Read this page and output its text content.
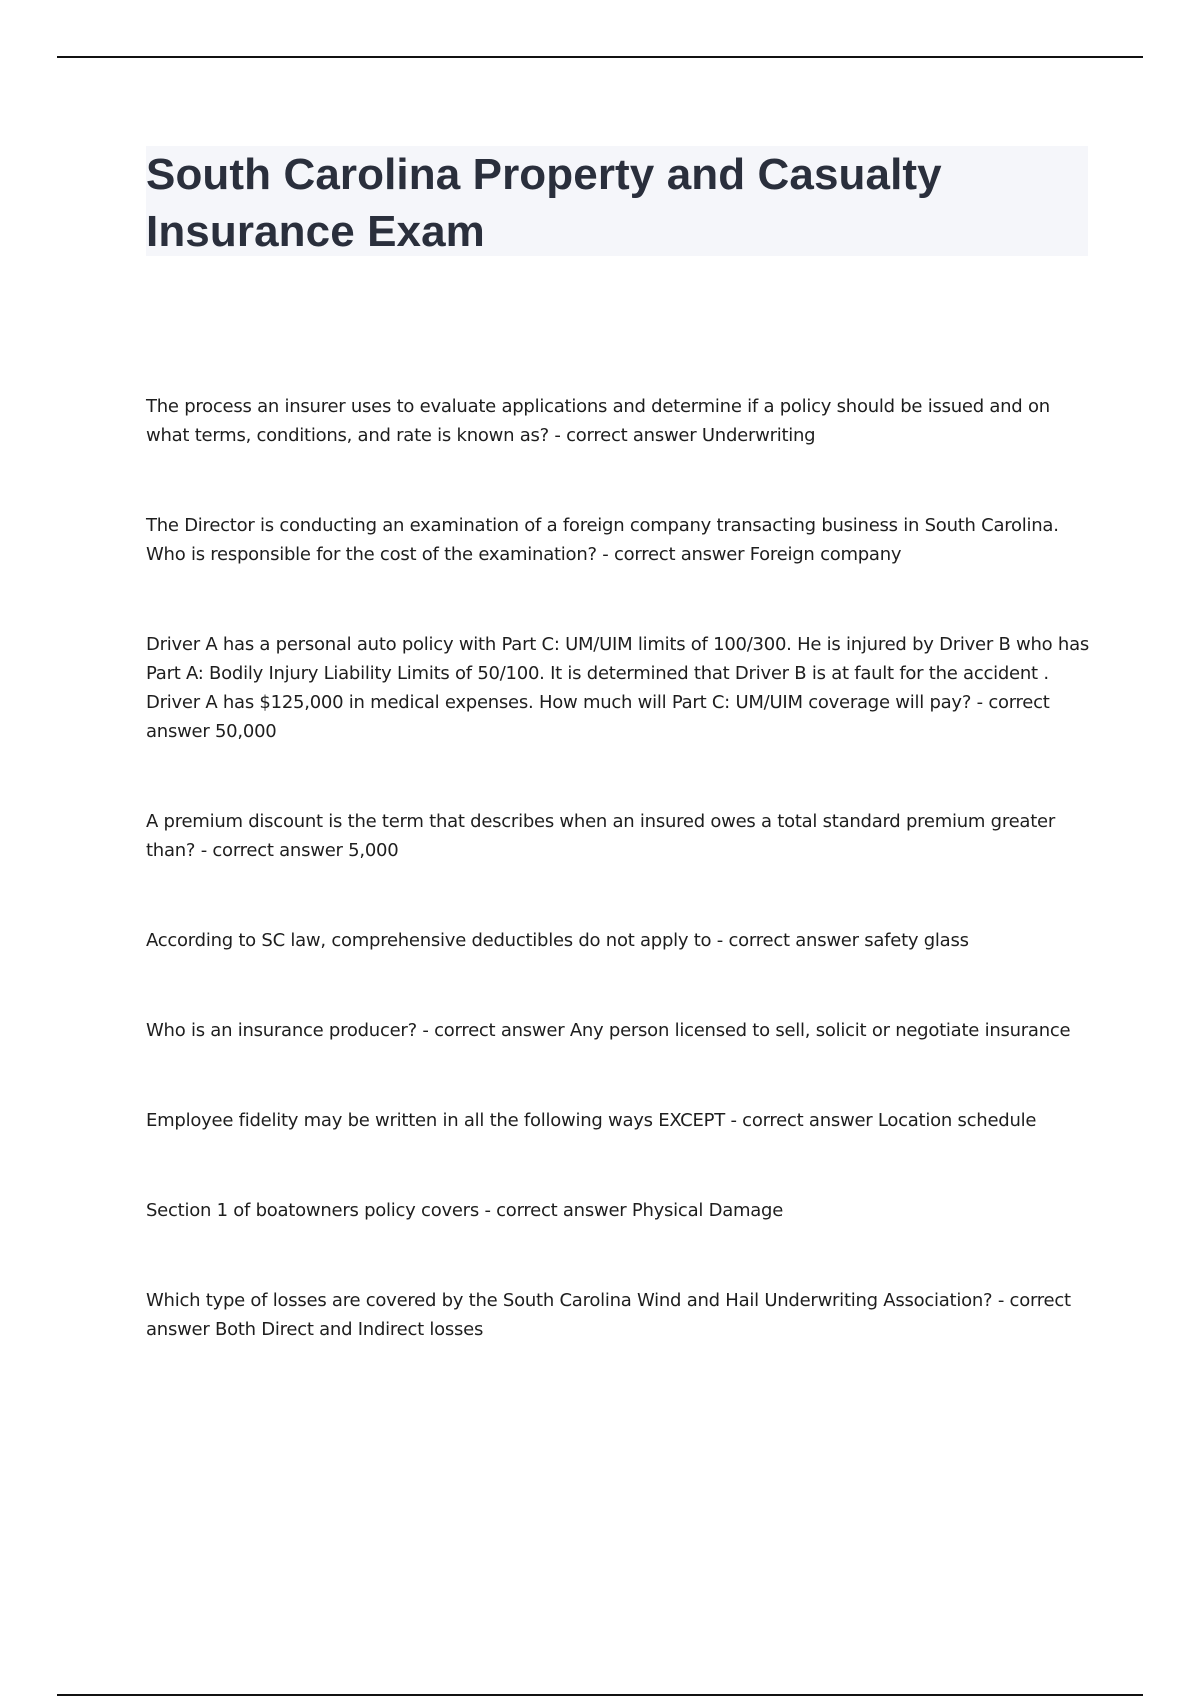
South Carolina Property and Casualty Insurance Exam

The process an insurer uses to evaluate applications and determine if a policy should be issued and on what terms, conditions, and rate is known as? - correct answer Underwriting

The Director is conducting an examination of a foreign company transacting business in South Carolina. Who is responsible for the cost of the examination? - correct answer Foreign company

Driver A has a personal auto policy with Part C: UM/UIM limits of 100/300. He is injured by Driver B who has Part A: Bodily Injury Liability Limits of 50/100. It is determined that Driver B is at fault for the accident . Driver A has $125,000 in medical expenses. How much will Part C: UM/UIM coverage will pay? - correct answer 50,000

A premium discount is the term that describes when an insured owes a total standard premium greater than? - correct answer 5,000

According to SC law, comprehensive deductibles do not apply to - correct answer safety glass

Who is an insurance producer? - correct answer Any person licensed to sell, solicit or negotiate insurance

Employee fidelity may be written in all the following ways EXCEPT - correct answer Location schedule

Section 1 of boatowners policy covers - correct answer Physical Damage

Which type of losses are covered by the South Carolina Wind and Hail Underwriting Association? - correct answer Both Direct and Indirect losses
